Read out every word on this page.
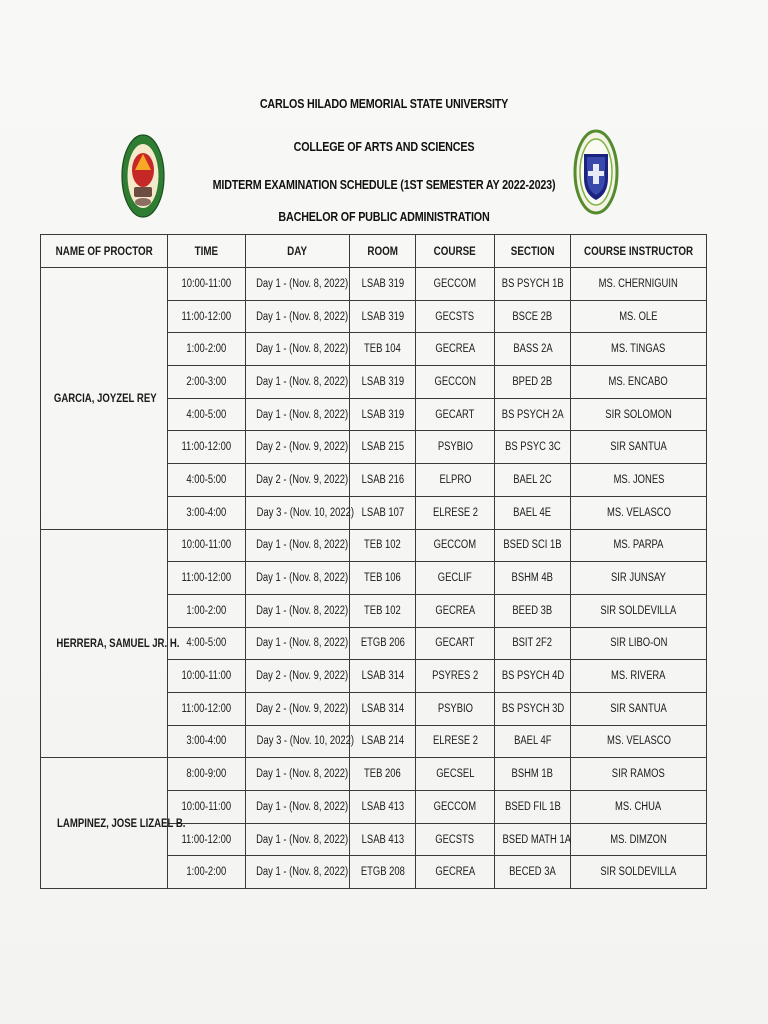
CARLOS HILADO MEMORIAL STATE UNIVERSITY
COLLEGE OF ARTS AND SCIENCES
MIDTERM EXAMINATION SCHEDULE (1ST SEMESTER AY 2022-2023)
BACHELOR OF PUBLIC ADMINISTRATION
NAME OF PROCTOR	TIME	DAY	ROOM	COURSE	SECTION	COURSE INSTRUCTOR
GARCIA, JOYZEL REY	10:00-11:00	Day 1 - (Nov. 8, 2022)	LSAB 319	GECCOM	BS PSYCH 1B	MS. CHERNIGUIN
	11:00-12:00	Day 1 - (Nov. 8, 2022)	LSAB 319	GECSTS	BSCE 2B	MS. OLE
	1:00-2:00	Day 1 - (Nov. 8, 2022)	TEB 104	GECREA	BASS 2A	MS. TINGAS
	2:00-3:00	Day 1 - (Nov. 8, 2022)	LSAB 319	GECCON	BPED 2B	MS. ENCABO
	4:00-5:00	Day 1 - (Nov. 8, 2022)	LSAB 319	GECART	BS PSYCH 2A	SIR SOLOMON
	11:00-12:00	Day 2 - (Nov. 9, 2022)	LSAB 215	PSYBIO	BS PSYC 3C	SIR SANTUA
	4:00-5:00	Day 2 - (Nov. 9, 2022)	LSAB 216	ELPRO	BAEL 2C	MS. JONES
	3:00-4:00	Day 3 - (Nov. 10, 2022)	LSAB 107	ELRESE 2	BAEL 4E	MS. VELASCO
HERRERA, SAMUEL JR. H.	10:00-11:00	Day 1 - (Nov. 8, 2022)	TEB 102	GECCOM	BSED SCI 1B	MS. PARPA
	11:00-12:00	Day 1 - (Nov. 8, 2022)	TEB 106	GECLIF	BSHM 4B	SIR JUNSAY
	1:00-2:00	Day 1 - (Nov. 8, 2022)	TEB 102	GECREA	BEED 3B	SIR SOLDEVILLA
	4:00-5:00	Day 1 - (Nov. 8, 2022)	ETGB 206	GECART	BSIT 2F2	SIR LIBO-ON
	10:00-11:00	Day 2 - (Nov. 9, 2022)	LSAB 314	PSYRES 2	BS PSYCH 4D	MS. RIVERA
	11:00-12:00	Day 2 - (Nov. 9, 2022)	LSAB 314	PSYBIO	BS PSYCH 3D	SIR SANTUA
	3:00-4:00	Day 3 - (Nov. 10, 2022)	LSAB 214	ELRESE 2	BAEL 4F	MS. VELASCO
LAMPINEZ, JOSE LIZAEL B.	8:00-9:00	Day 1 - (Nov. 8, 2022)	TEB 206	GECSEL	BSHM 1B	SIR RAMOS
	10:00-11:00	Day 1 - (Nov. 8, 2022)	LSAB 413	GECCOM	BSED FIL 1B	MS. CHUA
	11:00-12:00	Day 1 - (Nov. 8, 2022)	LSAB 413	GECSTS	BSED MATH 1A	MS. DIMZON
	1:00-2:00	Day 1 - (Nov. 8, 2022)	ETGB 208	GECREA	BECED 3A	SIR SOLDEVILLA
